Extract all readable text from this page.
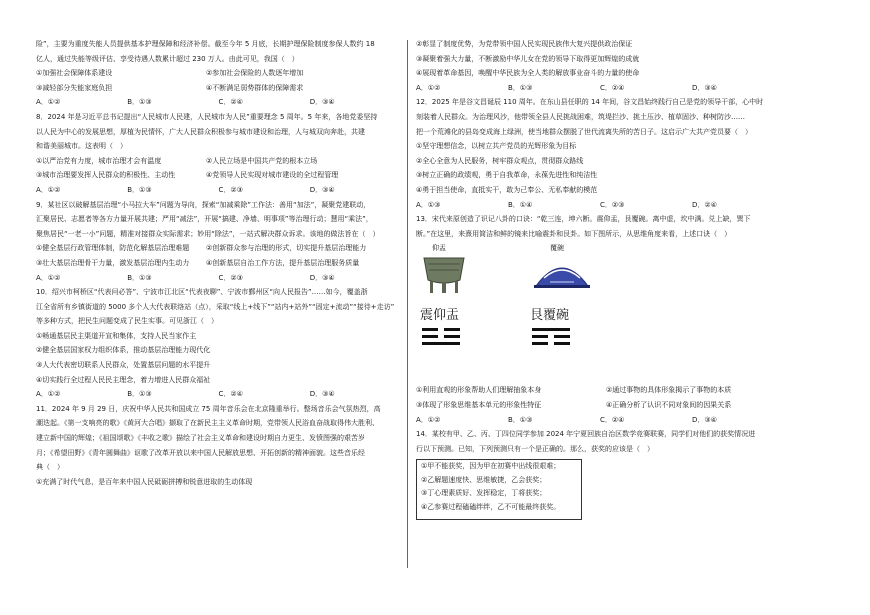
险”，主要为重度失能人员提供基本护理保障和经济补偿。截至今年 5 月底，长期护理保险制度参保人数约 18
亿人，通过失能等级评估、享受待遇人数累计超过 230 万人。由此可见，我国（　）
①加强社会保障体系建设	②参加社会保险的人数逐年增加
③减轻部分失能家庭负担	④不断满足弱势群体的保障需求
A．①②	B．①③	C．②④	D．③④
8．2024 年是习近平总书记提出“人民城市人民建，人民城市为人民”重要理念 5 周年。5 年来，各地党委坚持
以人民为中心的发展思想，厚植为民情怀，广大人民群众积极参与城市建设和治理，人与城双向奔赴，共建
和谐美丽城市。这表明（　）
①以严治党有力度，城市治理才会有温度	②人民立场是中国共产党的根本立场
③城市治理要发挥人民群众的积极性、主动性	④党领导人民实现对城市建设的全过程管理
A．①②	B．①③	C．②③	D．③④
9．某社区以破解基层治理“小马拉大车”问题为导向，探索“加减乘除”工作法：善用“加法”，凝聚党建联动，
汇聚居民、志愿者等各方力量开展共建；严用“减法”，开展“搞建、净墙、明事项”等治理行动；慧用“乘法”，
聚焦居民“一老一小”问题，精准对接群众实际需求；妙用“除法”，一站式解决群众诉求。该地的做法旨在（　）
①健全基层行政管理体制，防范化解基层治理难题	②创新群众参与治理的形式，切实提升基层治理能力
③壮大基层治理骨干力量，激发基层治理内生动力	④创新基层自治工作方法，提升基层治理服务质量
A．①②	B．①③	C．②③	D．③④
10．绍兴市柯桥区“代表问必答”、宁波市江北区“代表夜聊”、宁波市鄞州区“向人民报告”……如今，覆盖浙
江全省所有乡镇街道的 5000 多个人大代表联络站（点），采取“线上+线下”“站内+站外”“固定+流动”“接待+走访”
等多种方式，把民生问题变成了民生实事。可见浙江（　）
①畅通基层民主渠道开宣和集体，支持人民当家作主
②健全基层国家权力组织体系，推动基层治理能力现代化
③人大代表密切联系人民群众，处置基层问题的水平提升
④切实践行全过程人民民主理念，着力增进人民群众福祉
A．①②	B．①③	C．②④	D．③④
11．2024 年 9 月 29 日，庆祝中华人民共和国成立 75 周年音乐会在北京隆重举行。整场音乐会气氛热烈，高
潮迭起。《第一支响亮的歌》《黄河大合唱》撷取了在新民主主义革命时期，党带领人民浴血奋战取得伟大胜利、
建立新中国的辉煌；《祖国颂歌》《丰收之歌》描绘了社会主义革命和建设时期自力更生、发愤图强的艰苦岁
月；《希望田野》《青年圆舞曲》讴歌了改革开放以来中国人民解放思想、开拓创新的精神面貌。这些音乐经
典（　）
①充满了时代气息，是百年来中国人民砥砺拼搏和锐意进取的生动体现
②彰显了制度优势，为党带领中国人民实现民族伟大复兴提供政治保证
③凝聚着强大力量，不断激励中华儿女在党的领导下取得更加辉煌的成就
④展现着革命基因，唤醒中华民族为全人类的解放事业奋斗的力量的使命
A．①②	B．①③	C．②④	D．③④
12．2025 年是谷文昌诞辰 110 周年。在东山县任职的 14 年间，谷文昌始终践行自己是党的领导干部，心中时
刻装着人民群众。为治理风沙，他带领全县人民挑战困难，筑堤拦沙、挑土压沙、植草固沙、种树防沙……
把一个荒滩化的县岛变成海上绿洲，使当地群众摆脱了世代流离失所的苦日子。这启示广大共产党员要（　）
①坚守理想信念，以树立共产党员的光辉形象为目标
②全心全意为人民服务，树牢群众观点，贯彻群众路线
③树立正确的政绩观，勇于自我革命，永葆先进性和纯洁性
④勇于担当使命，直抵实干，敢为己奉公、无私奉献的模范
A．①③	B．①④	C．②③	D．②④
13．宋代来原创造了识记八卦的口诀：“乾三连，坤六断。震仰盂，艮覆碗。离中虚，坎中满。兑上缺，巽下
断。”在这里，来熹用简洁和鲜的镜来比喻震卦和艮卦。如下图所示，从思维角度来看，上述口诀（　）
仰盂
震仰盂
覆碗
艮覆碗
①利用直观的形象帮助人们理解抽象本身	②通过事物的具体形象揭示了事物的本质
③体现了形象思维基本单元的形象性特征	④正确分析了认识不同对象间的因果关系
A．①②	B．①③	C．②④	D．③④
14．某校有甲、乙、丙、丁四位同学参加 2024 年宁夏回族自治区数学竞赛联赛，同学们对他们的获奖情况进
行以下预测。已知，下列预测只有一个是正确的。那么，获奖的应该是（　）
①甲不能获奖，因为甲在初赛中出线很艰难；
②乙解题速度快、思维敏捷，乙会获奖；
③丁心理素质好、发挥稳定，丁将获奖；
④乙参赛过程磕磕绊绊，乙不可能最终获奖。
